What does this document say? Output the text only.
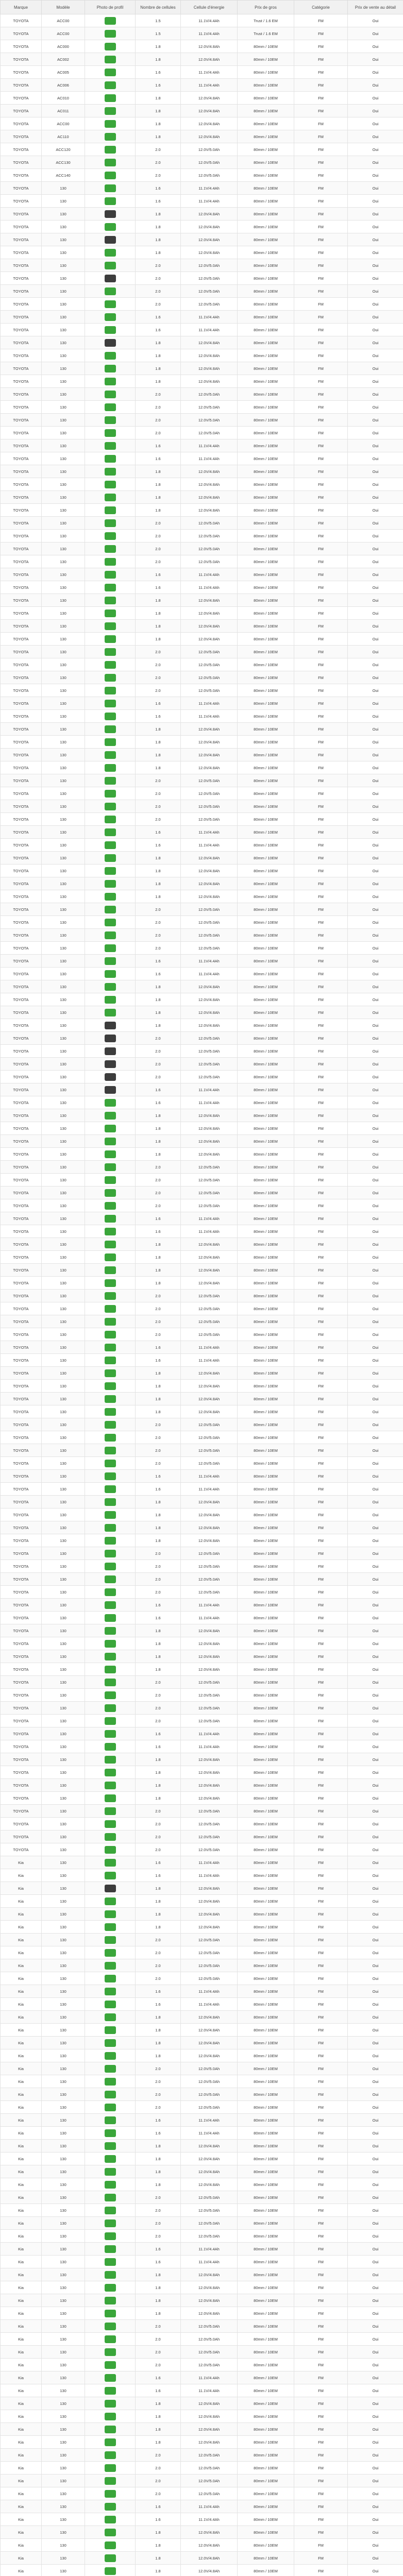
Marque	Modèle	Photo de profil	Nombre de cellules	Cellule d'énergie	Prix de gros	Catégorie	Prix de vente au détail
TOYOTA	ACC00		1.5	11.1V/4.4Ah	Trust / 1.6 EM	FM	Oui
TOYOTA	ACC00		1.5	11.1V/4.4Ah	Trust / 1.6 EM	FM	Oui
TOYOTA	AC000		1.8	12.0V/4.8Ah	80mm / 10EM	FM	Oui
TOYOTA	AC002		1.8	12.0V/4.8Ah	80mm / 10EM	FM	Oui
TOYOTA	AC005		1.6	11.1V/4.4Ah	80mm / 10EM	FM	Oui
TOYOTA	AC006		1.6	11.1V/4.4Ah	80mm / 10EM	FM	Oui
TOYOTA	AC010		1.8	12.0V/4.8Ah	80mm / 10EM	FM	Oui
TOYOTA	AC011		1.8	12.0V/4.8Ah	80mm / 10EM	FM	Oui
TOYOTA	ACC00		1.8	12.0V/4.8Ah	80mm / 10EM	FM	Oui
TOYOTA	AC110		1.8	12.0V/4.8Ah	80mm / 10EM	FM	Oui
TOYOTA	ACC120		2.0	12.0V/5.0Ah	80mm / 10EM	FM	Oui
TOYOTA	ACC130		2.0	12.0V/5.0Ah	80mm / 10EM	FM	Oui
TOYOTA	ACC140		2.0	12.0V/5.0Ah	80mm / 10EM	FM	Oui
TOYOTA	130		1.6	11.1V/4.4Ah	80mm / 10EM	FM	Oui
TOYOTA	130		1.6	11.1V/4.4Ah	80mm / 10EM	FM	Oui
TOYOTA	130		1.8	12.0V/4.8Ah	80mm / 10EM	FM	Oui
TOYOTA	130		1.8	12.0V/4.8Ah	80mm / 10EM	FM	Oui
TOYOTA	130		1.8	12.0V/4.8Ah	80mm / 10EM	FM	Oui
TOYOTA	130		1.8	12.0V/4.8Ah	80mm / 10EM	FM	Oui
TOYOTA	130		2.0	12.0V/5.0Ah	80mm / 10EM	FM	Oui
TOYOTA	130		2.0	12.0V/5.0Ah	80mm / 10EM	FM	Oui
TOYOTA	130		2.0	12.0V/5.0Ah	80mm / 10EM	FM	Oui
TOYOTA	130		2.0	12.0V/5.0Ah	80mm / 10EM	FM	Oui
TOYOTA	130		1.6	11.1V/4.4Ah	80mm / 10EM	FM	Oui
TOYOTA	130		1.6	11.1V/4.4Ah	80mm / 10EM	FM	Oui
TOYOTA	130		1.8	12.0V/4.8Ah	80mm / 10EM	FM	Oui
TOYOTA	130		1.8	12.0V/4.8Ah	80mm / 10EM	FM	Oui
TOYOTA	130		1.8	12.0V/4.8Ah	80mm / 10EM	FM	Oui
TOYOTA	130		1.8	12.0V/4.8Ah	80mm / 10EM	FM	Oui
TOYOTA	130		2.0	12.0V/5.0Ah	80mm / 10EM	FM	Oui
TOYOTA	130		2.0	12.0V/5.0Ah	80mm / 10EM	FM	Oui
TOYOTA	130		2.0	12.0V/5.0Ah	80mm / 10EM	FM	Oui
TOYOTA	130		2.0	12.0V/5.0Ah	80mm / 10EM	FM	Oui
TOYOTA	130		1.6	11.1V/4.4Ah	80mm / 10EM	FM	Oui
TOYOTA	130		1.6	11.1V/4.4Ah	80mm / 10EM	FM	Oui
TOYOTA	130		1.8	12.0V/4.8Ah	80mm / 10EM	FM	Oui
TOYOTA	130		1.8	12.0V/4.8Ah	80mm / 10EM	FM	Oui
TOYOTA	130		1.8	12.0V/4.8Ah	80mm / 10EM	FM	Oui
TOYOTA	130		1.8	12.0V/4.8Ah	80mm / 10EM	FM	Oui
TOYOTA	130		2.0	12.0V/5.0Ah	80mm / 10EM	FM	Oui
TOYOTA	130		2.0	12.0V/5.0Ah	80mm / 10EM	FM	Oui
TOYOTA	130		2.0	12.0V/5.0Ah	80mm / 10EM	FM	Oui
TOYOTA	130		2.0	12.0V/5.0Ah	80mm / 10EM	FM	Oui
TOYOTA	130		1.6	11.1V/4.4Ah	80mm / 10EM	FM	Oui
TOYOTA	130		1.6	11.1V/4.4Ah	80mm / 10EM	FM	Oui
TOYOTA	130		1.8	12.0V/4.8Ah	80mm / 10EM	FM	Oui
TOYOTA	130		1.8	12.0V/4.8Ah	80mm / 10EM	FM	Oui
TOYOTA	130		1.8	12.0V/4.8Ah	80mm / 10EM	FM	Oui
TOYOTA	130		1.8	12.0V/4.8Ah	80mm / 10EM	FM	Oui
TOYOTA	130		2.0	12.0V/5.0Ah	80mm / 10EM	FM	Oui
TOYOTA	130		2.0	12.0V/5.0Ah	80mm / 10EM	FM	Oui
TOYOTA	130		2.0	12.0V/5.0Ah	80mm / 10EM	FM	Oui
TOYOTA	130		2.0	12.0V/5.0Ah	80mm / 10EM	FM	Oui
TOYOTA	130		1.6	11.1V/4.4Ah	80mm / 10EM	FM	Oui
TOYOTA	130		1.6	11.1V/4.4Ah	80mm / 10EM	FM	Oui
TOYOTA	130		1.8	12.0V/4.8Ah	80mm / 10EM	FM	Oui
TOYOTA	130		1.8	12.0V/4.8Ah	80mm / 10EM	FM	Oui
TOYOTA	130		1.8	12.0V/4.8Ah	80mm / 10EM	FM	Oui
TOYOTA	130		1.8	12.0V/4.8Ah	80mm / 10EM	FM	Oui
TOYOTA	130		2.0	12.0V/5.0Ah	80mm / 10EM	FM	Oui
TOYOTA	130		2.0	12.0V/5.0Ah	80mm / 10EM	FM	Oui
TOYOTA	130		2.0	12.0V/5.0Ah	80mm / 10EM	FM	Oui
TOYOTA	130		2.0	12.0V/5.0Ah	80mm / 10EM	FM	Oui
TOYOTA	130		1.6	11.1V/4.4Ah	80mm / 10EM	FM	Oui
TOYOTA	130		1.6	11.1V/4.4Ah	80mm / 10EM	FM	Oui
TOYOTA	130		1.8	12.0V/4.8Ah	80mm / 10EM	FM	Oui
TOYOTA	130		1.8	12.0V/4.8Ah	80mm / 10EM	FM	Oui
TOYOTA	130		1.8	12.0V/4.8Ah	80mm / 10EM	FM	Oui
TOYOTA	130		1.8	12.0V/4.8Ah	80mm / 10EM	FM	Oui
TOYOTA	130		2.0	12.0V/5.0Ah	80mm / 10EM	FM	Oui
TOYOTA	130		2.0	12.0V/5.0Ah	80mm / 10EM	FM	Oui
TOYOTA	130		2.0	12.0V/5.0Ah	80mm / 10EM	FM	Oui
TOYOTA	130		2.0	12.0V/5.0Ah	80mm / 10EM	FM	Oui
TOYOTA	130		1.6	11.1V/4.4Ah	80mm / 10EM	FM	Oui
TOYOTA	130		1.6	11.1V/4.4Ah	80mm / 10EM	FM	Oui
TOYOTA	130		1.8	12.0V/4.8Ah	80mm / 10EM	FM	Oui
TOYOTA	130		1.8	12.0V/4.8Ah	80mm / 10EM	FM	Oui
TOYOTA	130		1.8	12.0V/4.8Ah	80mm / 10EM	FM	Oui
TOYOTA	130		1.8	12.0V/4.8Ah	80mm / 10EM	FM	Oui
TOYOTA	130		2.0	12.0V/5.0Ah	80mm / 10EM	FM	Oui
TOYOTA	130		2.0	12.0V/5.0Ah	80mm / 10EM	FM	Oui
TOYOTA	130		2.0	12.0V/5.0Ah	80mm / 10EM	FM	Oui
TOYOTA	130		2.0	12.0V/5.0Ah	80mm / 10EM	FM	Oui
TOYOTA	130		1.6	11.1V/4.4Ah	80mm / 10EM	FM	Oui
TOYOTA	130		1.6	11.1V/4.4Ah	80mm / 10EM	FM	Oui
TOYOTA	130		1.8	12.0V/4.8Ah	80mm / 10EM	FM	Oui
TOYOTA	130		1.8	12.0V/4.8Ah	80mm / 10EM	FM	Oui
TOYOTA	130		1.8	12.0V/4.8Ah	80mm / 10EM	FM	Oui
TOYOTA	130		1.8	12.0V/4.8Ah	80mm / 10EM	FM	Oui
TOYOTA	130		2.0	12.0V/5.0Ah	80mm / 10EM	FM	Oui
TOYOTA	130		2.0	12.0V/5.0Ah	80mm / 10EM	FM	Oui
TOYOTA	130		2.0	12.0V/5.0Ah	80mm / 10EM	FM	Oui
TOYOTA	130		2.0	12.0V/5.0Ah	80mm / 10EM	FM	Oui
TOYOTA	130		1.6	11.1V/4.4Ah	80mm / 10EM	FM	Oui
TOYOTA	130		1.6	11.1V/4.4Ah	80mm / 10EM	FM	Oui
TOYOTA	130		1.8	12.0V/4.8Ah	80mm / 10EM	FM	Oui
TOYOTA	130		1.8	12.0V/4.8Ah	80mm / 10EM	FM	Oui
TOYOTA	130		1.8	12.0V/4.8Ah	80mm / 10EM	FM	Oui
TOYOTA	130		1.8	12.0V/4.8Ah	80mm / 10EM	FM	Oui
TOYOTA	130		2.0	12.0V/5.0Ah	80mm / 10EM	FM	Oui
TOYOTA	130		2.0	12.0V/5.0Ah	80mm / 10EM	FM	Oui
TOYOTA	130		2.0	12.0V/5.0Ah	80mm / 10EM	FM	Oui
TOYOTA	130		2.0	12.0V/5.0Ah	80mm / 10EM	FM	Oui
TOYOTA	130		1.6	11.1V/4.4Ah	80mm / 10EM	FM	Oui
TOYOTA	130		1.6	11.1V/4.4Ah	80mm / 10EM	FM	Oui
TOYOTA	130		1.8	12.0V/4.8Ah	80mm / 10EM	FM	Oui
TOYOTA	130		1.8	12.0V/4.8Ah	80mm / 10EM	FM	Oui
TOYOTA	130		1.8	12.0V/4.8Ah	80mm / 10EM	FM	Oui
TOYOTA	130		1.8	12.0V/4.8Ah	80mm / 10EM	FM	Oui
TOYOTA	130		2.0	12.0V/5.0Ah	80mm / 10EM	FM	Oui
TOYOTA	130		2.0	12.0V/5.0Ah	80mm / 10EM	FM	Oui
TOYOTA	130		2.0	12.0V/5.0Ah	80mm / 10EM	FM	Oui
TOYOTA	130		2.0	12.0V/5.0Ah	80mm / 10EM	FM	Oui
TOYOTA	130		1.6	11.1V/4.4Ah	80mm / 10EM	FM	Oui
TOYOTA	130		1.6	11.1V/4.4Ah	80mm / 10EM	FM	Oui
TOYOTA	130		1.8	12.0V/4.8Ah	80mm / 10EM	FM	Oui
TOYOTA	130		1.8	12.0V/4.8Ah	80mm / 10EM	FM	Oui
TOYOTA	130		1.8	12.0V/4.8Ah	80mm / 10EM	FM	Oui
TOYOTA	130		1.8	12.0V/4.8Ah	80mm / 10EM	FM	Oui
TOYOTA	130		2.0	12.0V/5.0Ah	80mm / 10EM	FM	Oui
TOYOTA	130		2.0	12.0V/5.0Ah	80mm / 10EM	FM	Oui
TOYOTA	130		2.0	12.0V/5.0Ah	80mm / 10EM	FM	Oui
TOYOTA	130		2.0	12.0V/5.0Ah	80mm / 10EM	FM	Oui
TOYOTA	130		1.6	11.1V/4.4Ah	80mm / 10EM	FM	Oui
TOYOTA	130		1.6	11.1V/4.4Ah	80mm / 10EM	FM	Oui
TOYOTA	130		1.8	12.0V/4.8Ah	80mm / 10EM	FM	Oui
TOYOTA	130		1.8	12.0V/4.8Ah	80mm / 10EM	FM	Oui
TOYOTA	130		1.8	12.0V/4.8Ah	80mm / 10EM	FM	Oui
TOYOTA	130		1.8	12.0V/4.8Ah	80mm / 10EM	FM	Oui
TOYOTA	130		2.0	12.0V/5.0Ah	80mm / 10EM	FM	Oui
TOYOTA	130		2.0	12.0V/5.0Ah	80mm / 10EM	FM	Oui
TOYOTA	130		2.0	12.0V/5.0Ah	80mm / 10EM	FM	Oui
TOYOTA	130		2.0	12.0V/5.0Ah	80mm / 10EM	FM	Oui
TOYOTA	130		1.6	11.1V/4.4Ah	80mm / 10EM	FM	Oui
TOYOTA	130		1.6	11.1V/4.4Ah	80mm / 10EM	FM	Oui
TOYOTA	130		1.8	12.0V/4.8Ah	80mm / 10EM	FM	Oui
TOYOTA	130		1.8	12.0V/4.8Ah	80mm / 10EM	FM	Oui
TOYOTA	130		1.8	12.0V/4.8Ah	80mm / 10EM	FM	Oui
TOYOTA	130		1.8	12.0V/4.8Ah	80mm / 10EM	FM	Oui
TOYOTA	130		2.0	12.0V/5.0Ah	80mm / 10EM	FM	Oui
TOYOTA	130		2.0	12.0V/5.0Ah	80mm / 10EM	FM	Oui
TOYOTA	130		2.0	12.0V/5.0Ah	80mm / 10EM	FM	Oui
TOYOTA	130		2.0	12.0V/5.0Ah	80mm / 10EM	FM	Oui
Kia	130		1.6	11.1V/4.4Ah	80mm / 10EM	FM	Oui
Kia	130		1.6	11.1V/4.4Ah	80mm / 10EM	FM	Oui
Kia	130		1.8	12.0V/4.8Ah	80mm / 10EM	FM	Oui
Kia	130		1.8	12.0V/4.8Ah	80mm / 10EM	FM	Oui
Kia	130		1.8	12.0V/4.8Ah	80mm / 10EM	FM	Oui
Kia	130		1.8	12.0V/4.8Ah	80mm / 10EM	FM	Oui
Kia	130		2.0	12.0V/5.0Ah	80mm / 10EM	FM	Oui
Kia	130		2.0	12.0V/5.0Ah	80mm / 10EM	FM	Oui
Kia	130		2.0	12.0V/5.0Ah	80mm / 10EM	FM	Oui
Kia	130		2.0	12.0V/5.0Ah	80mm / 10EM	FM	Oui
Kia	130		1.6	11.1V/4.4Ah	80mm / 10EM	FM	Oui
Kia	130		1.6	11.1V/4.4Ah	80mm / 10EM	FM	Oui
Kia	130		1.8	12.0V/4.8Ah	80mm / 10EM	FM	Oui
Kia	130		1.8	12.0V/4.8Ah	80mm / 10EM	FM	Oui
Kia	130		1.8	12.0V/4.8Ah	80mm / 10EM	FM	Oui
Kia	130		1.8	12.0V/4.8Ah	80mm / 10EM	FM	Oui
Kia	130		2.0	12.0V/5.0Ah	80mm / 10EM	FM	Oui
Kia	130		2.0	12.0V/5.0Ah	80mm / 10EM	FM	Oui
Kia	130		2.0	12.0V/5.0Ah	80mm / 10EM	FM	Oui
Kia	130		2.0	12.0V/5.0Ah	80mm / 10EM	FM	Oui
Kia	130		1.6	11.1V/4.4Ah	80mm / 10EM	FM	Oui
Kia	130		1.6	11.1V/4.4Ah	80mm / 10EM	FM	Oui
Kia	130		1.8	12.0V/4.8Ah	80mm / 10EM	FM	Oui
Kia	130		1.8	12.0V/4.8Ah	80mm / 10EM	FM	Oui
Kia	130		1.8	12.0V/4.8Ah	80mm / 10EM	FM	Oui
Kia	130		1.8	12.0V/4.8Ah	80mm / 10EM	FM	Oui
Kia	130		2.0	12.0V/5.0Ah	80mm / 10EM	FM	Oui
Kia	130		2.0	12.0V/5.0Ah	80mm / 10EM	FM	Oui
Kia	130		2.0	12.0V/5.0Ah	80mm / 10EM	FM	Oui
Kia	130		2.0	12.0V/5.0Ah	80mm / 10EM	FM	Oui
Kia	130		1.6	11.1V/4.4Ah	80mm / 10EM	FM	Oui
Kia	130		1.6	11.1V/4.4Ah	80mm / 10EM	FM	Oui
Kia	130		1.8	12.0V/4.8Ah	80mm / 10EM	FM	Oui
Kia	130		1.8	12.0V/4.8Ah	80mm / 10EM	FM	Oui
Kia	130		1.8	12.0V/4.8Ah	80mm / 10EM	FM	Oui
Kia	130		1.8	12.0V/4.8Ah	80mm / 10EM	FM	Oui
Kia	130		2.0	12.0V/5.0Ah	80mm / 10EM	FM	Oui
Kia	130		2.0	12.0V/5.0Ah	80mm / 10EM	FM	Oui
Kia	130		2.0	12.0V/5.0Ah	80mm / 10EM	FM	Oui
Kia	130		2.0	12.0V/5.0Ah	80mm / 10EM	FM	Oui
Kia	130		1.6	11.1V/4.4Ah	80mm / 10EM	FM	Oui
Kia	130		1.6	11.1V/4.4Ah	80mm / 10EM	FM	Oui
Kia	130		1.8	12.0V/4.8Ah	80mm / 10EM	FM	Oui
Kia	130		1.8	12.0V/4.8Ah	80mm / 10EM	FM	Oui
Kia	130		1.8	12.0V/4.8Ah	80mm / 10EM	FM	Oui
Kia	130		1.8	12.0V/4.8Ah	80mm / 10EM	FM	Oui
Kia	130		2.0	12.0V/5.0Ah	80mm / 10EM	FM	Oui
Kia	130		2.0	12.0V/5.0Ah	80mm / 10EM	FM	Oui
Kia	130		2.0	12.0V/5.0Ah	80mm / 10EM	FM	Oui
Kia	130		2.0	12.0V/5.0Ah	80mm / 10EM	FM	Oui
Kia	130		1.6	11.1V/4.4Ah	80mm / 10EM	FM	Oui
Kia	130		1.6	11.1V/4.4Ah	80mm / 10EM	FM	Oui
Kia	130		1.8	12.0V/4.8Ah	80mm / 10EM	FM	Oui
Kia	130		1.8	12.0V/4.8Ah	80mm / 10EM	FM	Oui
Kia	130		1.8	12.0V/4.8Ah	80mm / 10EM	FM	Oui
Kia	130		1.8	12.0V/4.8Ah	80mm / 10EM	FM	Oui
